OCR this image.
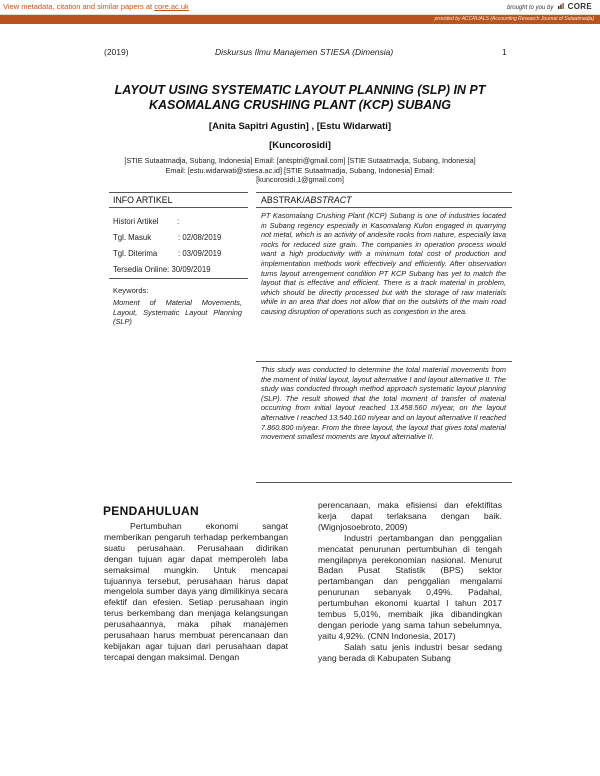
View metadata, citation and similar papers at core.ac.uk	brought to you by CORE
provided by ACCRUALS (Accounting Research Journal of Sutaatmadja)
(2019)	Diskursus Ilmu Manajemen STIESA (Dimensia)	1
LAYOUT USING SYSTEMATIC LAYOUT PLANNING (SLP) IN PT
KASOMALANG CRUSHING PLANT (KCP) SUBANG
[Anita Sapitri Agustin] , [Estu Widarwati]
[Kuncorosidi]
[STIE Sutaatmadja, Subang, Indonesia] Email: [antsptri@gmail.com] [STIE Sutaatmadja, Subang, Indonesia]
Email: [estu.widarwati@stiesa.ac.id] [STIE Sutaatmadja, Subang, Indonesia] Email:
[kuncorosidi.1@gmail.com]
INFO ARTIKEL	ABSTRAK/ABSTRACT
Histori Artikel :
Tgl. Masuk	: 02/08/2019
Tgl. Diterima	: 03/09/2019
Tersedia Online: 30/09/2019
Keywords:
Moment of Material Movements, Layout, Systematic Layout Planning (SLP)
PT Kasomalang Crushing Plant (KCP) Subang is one of industries located in Subang regency especially in Kasomalang Kulon engaged in quarrying not metal, which is an activity of andesite rocks from nature, especially lava rocks for reduced size grain. The companies in operation process would want a high productivity with a minimum total cost of production and implementation methods work effectively and efficiently. After observation turns layout arrengement condition PT KCP Subang has yet to match the layout that is effective and efficient. There is a track material in problem, which should be directly processed but with the storage of raw materials while in an area that does not allow that on the outskirts of the main road causing disruption of operations such as congestion in the area.
This study was conducted to determine the total material movements from the moment of initial layout, layout alternative I and layout alternative II. The study was conducted through method approach systematic layout planning (SLP). The result showed that the total moment of transfer of material occurring from initial layout reached 13.458.560 m/year, on the layout alternative I reached 13.540.160 m/year and on layout alternative II reached 7.860.800 m/year. From the three layout, the layout that gives total material movement smallest moments are layout alternative II.
PENDAHULUAN

Pertumbuhan ekonomi sangat memberikan pengaruh terhadap perkembangan suatu perusahaan. Perusahaan didirikan dengan tujuan agar dapat memperoleh laba semaksimal mungkin. Untuk mencapai tujuannya tersebut, perusahaan harus dapat mengelola sumber daya yang dimilikinya secara efektif dan efesien. Setiap perusahaan ingin terus berkembang dan menjaga kelangsungan perusahaannya, maka pihak manajemen perusahaan harus membuat perencanaan dan kebijakan agar tujuan dari perusahaan dapat tercapai dengan maksimal. Dengan

perencanaan, maka efisiensi dan efektifitas kerja dapat terlaksana dengan baik. (Wignjosoebroto, 2009)

Industri pertambangan dan penggalian mencatat penurunan pertumbuhan di tengah mengilapnya perekonomian nasional. Menurut Badan Pusat Statistik (BPS) sektor pertambangan dan penggalian mengalami penurunan sebanyak 0,49%. Padahal, pertumbuhan ekonomi kuartal I tahun 2017 tembus 5,01%, membaik jika dibandingkan dengan periode yang sama tahun sebelumnya, yaitu 4,92%. (CNN Indonesia, 2017)

Salah satu jenis industri besar sedang yang berada di Kabupaten Subang
